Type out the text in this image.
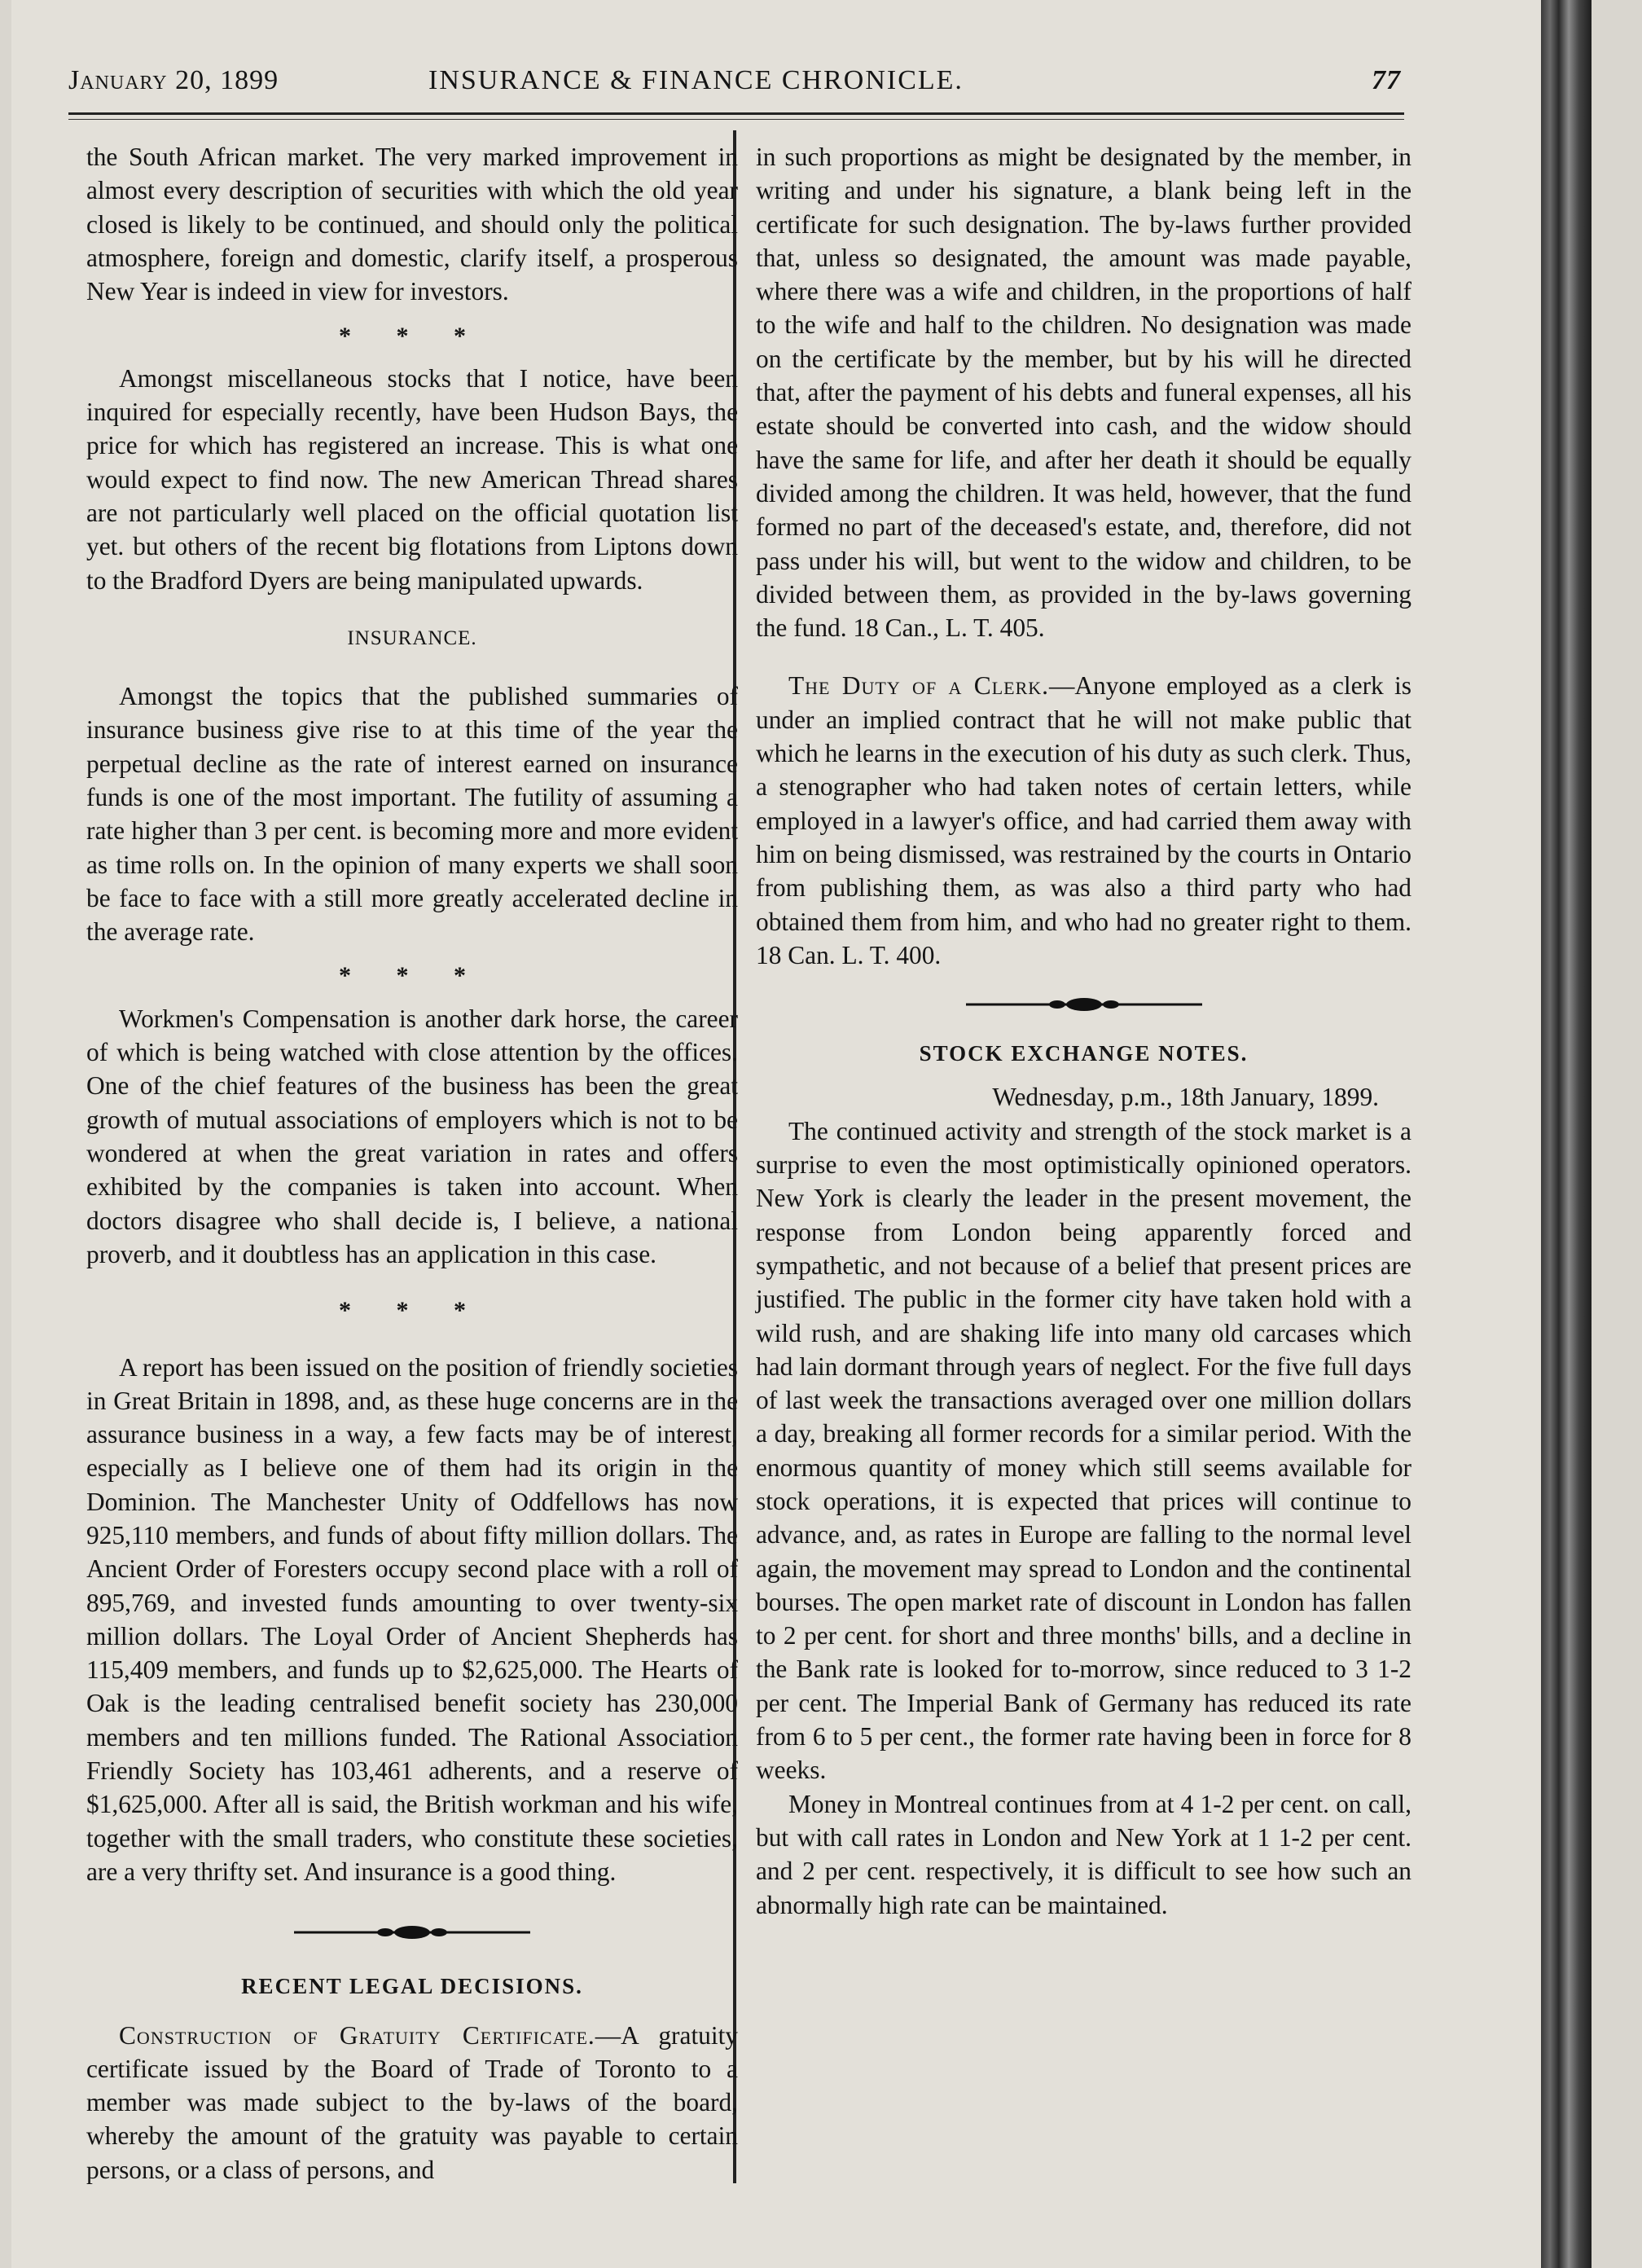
January 20, 1899	INSURANCE & FINANCE CHRONICLE.	77

the South African market. The very marked improvement in almost every description of securities with which the old year closed is likely to be continued, and should only the political atmosphere, foreign and domestic, clarify itself, a prosperous New Year is indeed in view for investors.

* * *

Amongst miscellaneous stocks that I notice, have been inquired for especially recently, have been Hudson Bays, the price for which has registered an increase. This is what one would expect to find now. The new American Thread shares are not particularly well placed on the official quotation list yet. but others of the recent big flotations from Liptons down to the Bradford Dyers are being manipulated upwards.

INSURANCE.

Amongst the topics that the published summaries of insurance business give rise to at this time of the year the perpetual decline as the rate of interest earned on insurance funds is one of the most important. The futility of assuming a rate higher than 3 per cent. is becoming more and more evident as time rolls on. In the opinion of many experts we shall soon be face to face with a still more greatly accelerated decline in the average rate.

* * *

Workmen's Compensation is another dark horse, the career of which is being watched with close attention by the offices. One of the chief features of the business has been the great growth of mutual associations of employers which is not to be wondered at when the great variation in rates and offers exhibited by the companies is taken into account. When doctors disagree who shall decide is, I believe, a national proverb, and it doubtless has an application in this case.

* * *

A report has been issued on the position of friendly societies in Great Britain in 1898, and, as these huge concerns are in the assurance business in a way, a few facts may be of interest, especially as I believe one of them had its origin in the Dominion. The Manchester Unity of Oddfellows has now 925,110 members, and funds of about fifty million dollars. The Ancient Order of Foresters occupy second place with a roll of 895,769, and invested funds amounting to over twenty-six million dollars. The Loyal Order of Ancient Shepherds has 115,409 members, and funds up to $2,625,000. The Hearts of Oak is the leading centralised benefit society has 230,000 members and ten millions funded. The Rational Association Friendly Society has 103,461 adherents, and a reserve of $1,625,000. After all is said, the British workman and his wife, together with the small traders, who constitute these societies, are a very thrifty set. And insurance is a good thing.

RECENT LEGAL DECISIONS.

Construction of Gratuity Certificate.—A gratuity certificate issued by the Board of Trade of Toronto to a member was made subject to the by-laws of the board, whereby the amount of the gratuity was payable to certain persons, or a class of persons, and

in such proportions as might be designated by the member, in writing and under his signature, a blank being left in the certificate for such designation. The by-laws further provided that, unless so designated, the amount was made payable, where there was a wife and children, in the proportions of half to the wife and half to the children. No designation was made on the certificate by the member, but by his will he directed that, after the payment of his debts and funeral expenses, all his estate should be converted into cash, and the widow should have the same for life, and after her death it should be equally divided among the children. It was held, however, that the fund formed no part of the deceased's estate, and, therefore, did not pass under his will, but went to the widow and children, to be divided between them, as provided in the by-laws governing the fund. 18 Can., L. T. 405.

The Duty of a Clerk.—Anyone employed as a clerk is under an implied contract that he will not make public that which he learns in the execution of his duty as such clerk. Thus, a stenographer who had taken notes of certain letters, while employed in a lawyer's office, and had carried them away with him on being dismissed, was restrained by the courts in Ontario from publishing them, as was also a third party who had obtained them from him, and who had no greater right to them. 18 Can. L. T. 400.

STOCK EXCHANGE NOTES.

Wednesday, p.m., 18th January, 1899.

The continued activity and strength of the stock market is a surprise to even the most optimistically opinioned operators. New York is clearly the leader in the present movement, the response from London being apparently forced and sympathetic, and not because of a belief that present prices are justified. The public in the former city have taken hold with a wild rush, and are shaking life into many old carcases which had lain dormant through years of neglect. For the five full days of last week the transactions averaged over one million dollars a day, breaking all former records for a similar period. With the enormous quantity of money which still seems available for stock operations, it is expected that prices will continue to advance, and, as rates in Europe are falling to the normal level again, the movement may spread to London and the continental bourses. The open market rate of discount in London has fallen to 2 per cent. for short and three months' bills, and a decline in the Bank rate is looked for to-morrow, since reduced to 3 1-2 per cent. The Imperial Bank of Germany has reduced its rate from 6 to 5 per cent., the former rate having been in force for 8 weeks.

Money in Montreal continues from at 4 1-2 per cent. on call, but with call rates in London and New York at 1 1-2 per cent. and 2 per cent. respectively, it is difficult to see how such an abnormally high rate can be maintained.
